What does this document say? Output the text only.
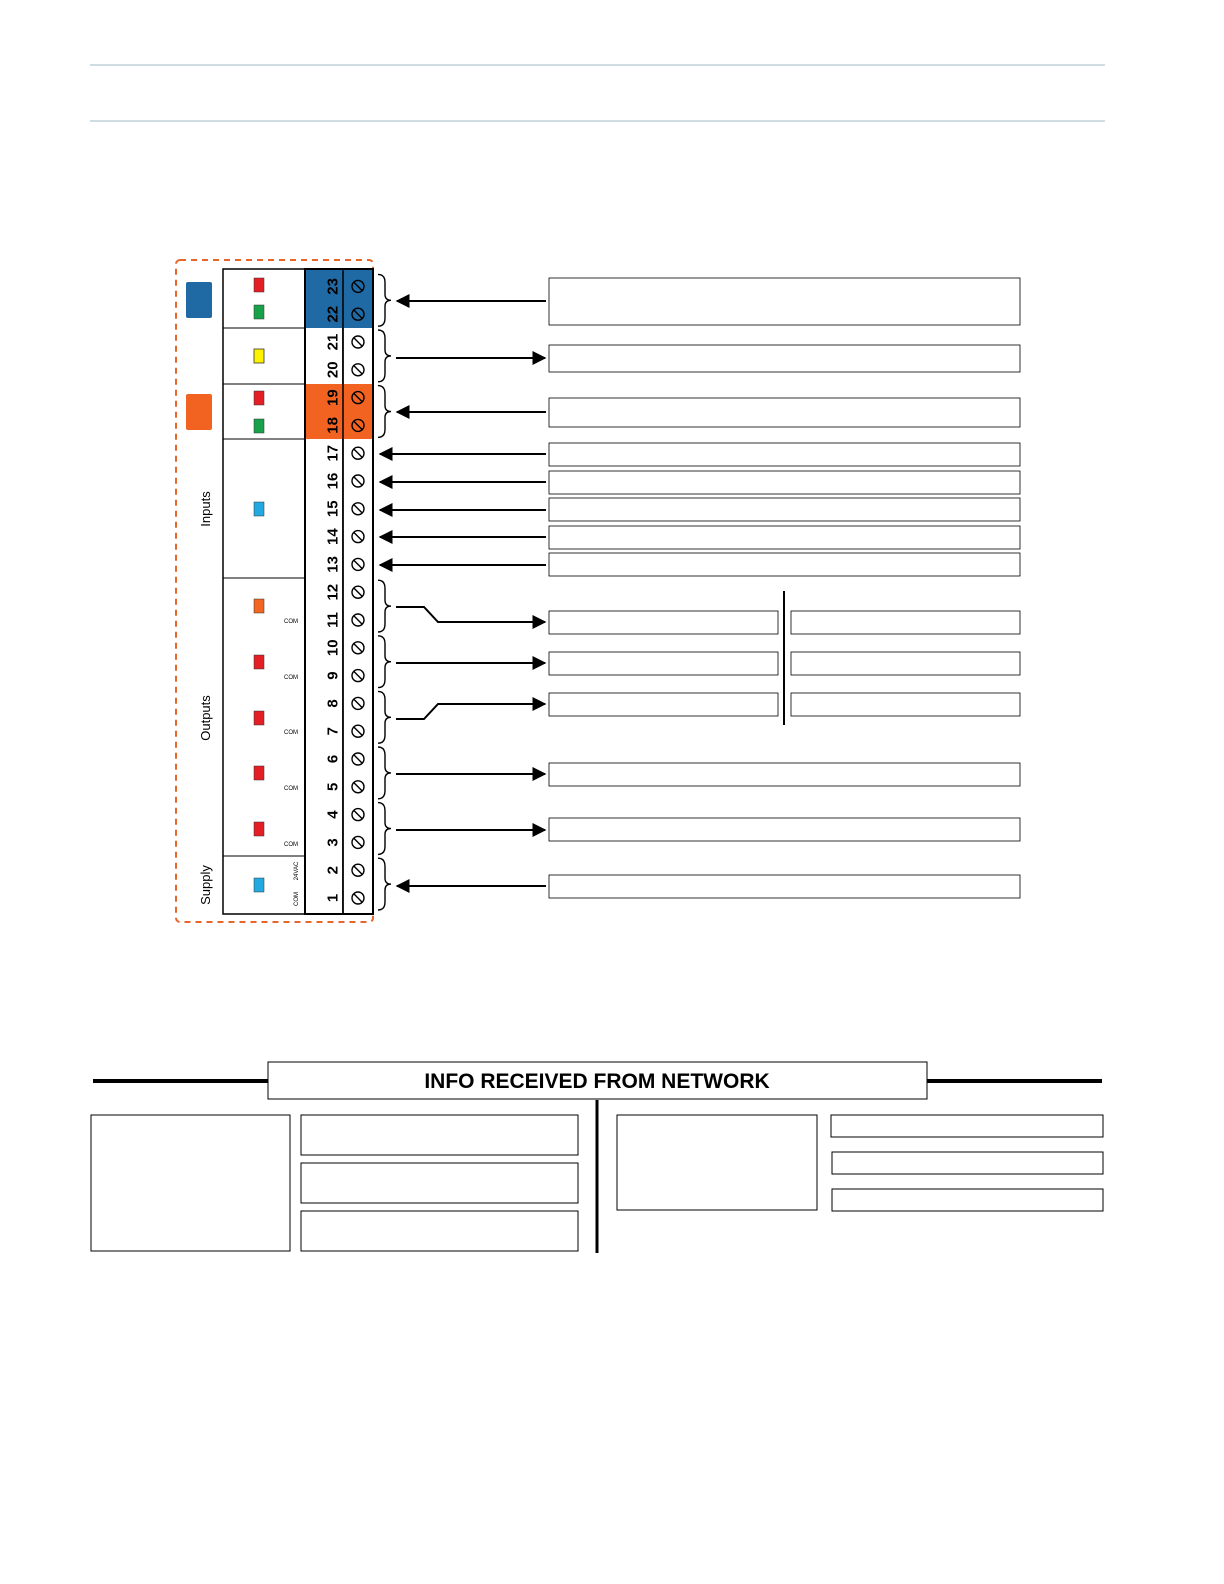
Inputs
Outputs
Supply
COM
COM
COM
COM
COM
COM
24VAC
1
2
3
4
5
6
7
8
9
10
11
12
13
14
15
16
17
18
19
20
21
22
23
INFO RECEIVED FROM NETWORK
